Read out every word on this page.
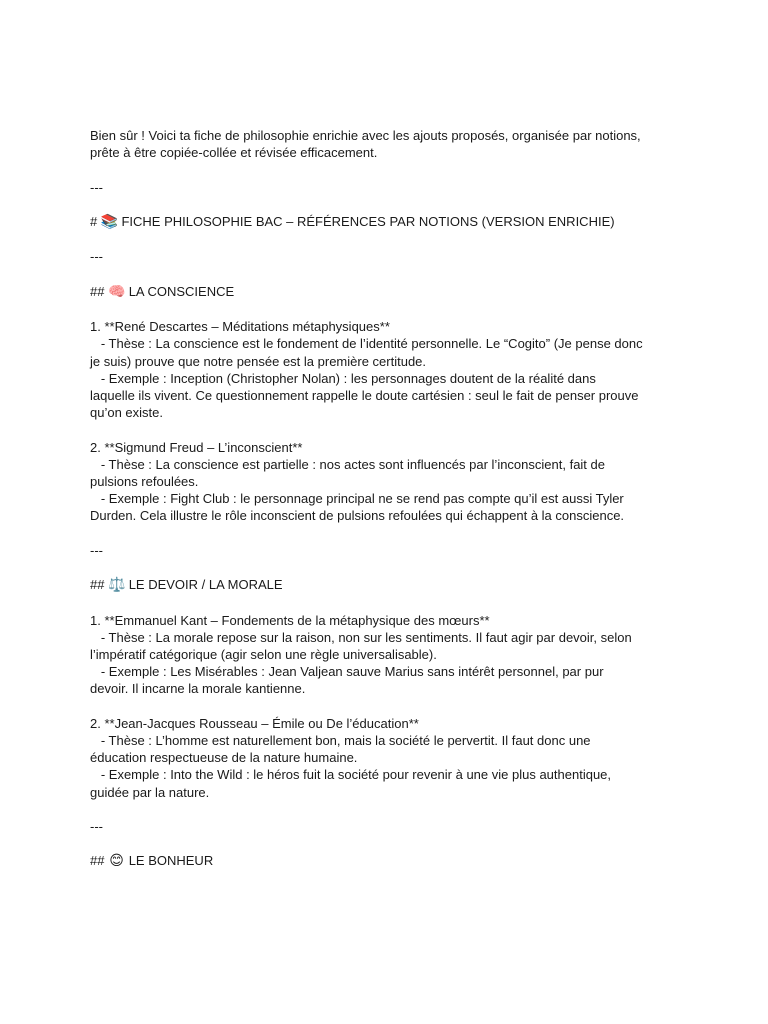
Bien sûr ! Voici ta fiche de philosophie enrichie avec les ajouts proposés, organisée par notions,
prête à être copiée-collée et révisée efficacement.
---
# 📚 FICHE PHILOSOPHIE BAC – RÉFÉRENCES PAR NOTIONS (VERSION ENRICHIE)
---
## 🧠 LA CONSCIENCE
1. **René Descartes – Méditations métaphysiques**
- Thèse : La conscience est le fondement de l’identité personnelle. Le “Cogito” (Je pense donc
je suis) prouve que notre pensée est la première certitude.
- Exemple : Inception (Christopher Nolan) : les personnages doutent de la réalité dans
laquelle ils vivent. Ce questionnement rappelle le doute cartésien : seul le fait de penser prouve
qu’on existe.
2. **Sigmund Freud – L’inconscient**
- Thèse : La conscience est partielle : nos actes sont influencés par l’inconscient, fait de
pulsions refoulées.
- Exemple : Fight Club : le personnage principal ne se rend pas compte qu’il est aussi Tyler
Durden. Cela illustre le rôle inconscient de pulsions refoulées qui échappent à la conscience.
---
## ⚖️ LE DEVOIR / LA MORALE
1. **Emmanuel Kant – Fondements de la métaphysique des mœurs**
- Thèse : La morale repose sur la raison, non sur les sentiments. Il faut agir par devoir, selon
l’impératif catégorique (agir selon une règle universalisable).
- Exemple : Les Misérables : Jean Valjean sauve Marius sans intérêt personnel, par pur
devoir. Il incarne la morale kantienne.
2. **Jean-Jacques Rousseau – Émile ou De l’éducation**
- Thèse : L’homme est naturellement bon, mais la société le pervertit. Il faut donc une
éducation respectueuse de la nature humaine.
- Exemple : Into the Wild : le héros fuit la société pour revenir à une vie plus authentique,
guidée par la nature.
---
## 😊 LE BONHEUR
